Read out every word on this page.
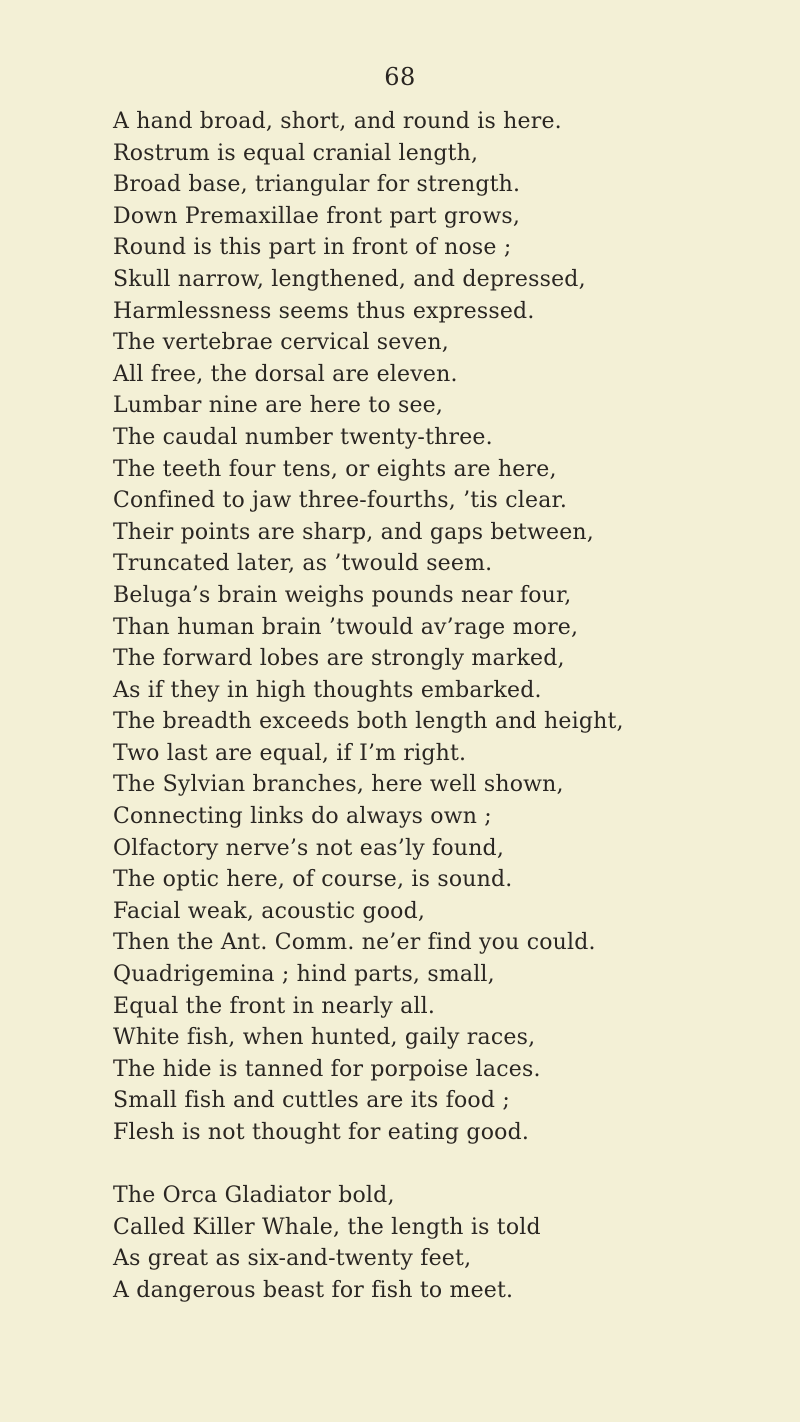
68
A hand broad, short, and round is here.
Rostrum is equal cranial length,
Broad base, triangular for strength.
Down Premaxillae front part grows,
Round is this part in front of nose ;
Skull narrow, lengthened, and depressed,
Harmlessness seems thus expressed.
The vertebrae cervical seven,
All free, the dorsal are eleven.
Lumbar nine are here to see,
The caudal number twenty-three.
The teeth four tens, or eights are here,
Confined to jaw three-fourths, ’tis clear.
Their points are sharp, and gaps between,
Truncated later, as ’twould seem.
Beluga’s brain weighs pounds near four,
Than human brain ’twould av’rage more,
The forward lobes are strongly marked,
As if they in high thoughts embarked.
The breadth exceeds both length and height,
Two last are equal, if I’m right.
The Sylvian branches, here well shown,
Connecting links do always own ;
Olfactory nerve’s not eas’ly found,
The optic here, of course, is sound.
Facial weak, acoustic good,
Then the Ant. Comm. ne’er find you could.
Quadrigemina ; hind parts, small,
Equal the front in nearly all.
White fish, when hunted, gaily races,
The hide is tanned for porpoise laces.
Small fish and cuttles are its food ;
Flesh is not thought for eating good.
The Orca Gladiator bold,
Called Killer Whale, the length is told
As great as six-and-twenty feet,
A dangerous beast for fish to meet.
